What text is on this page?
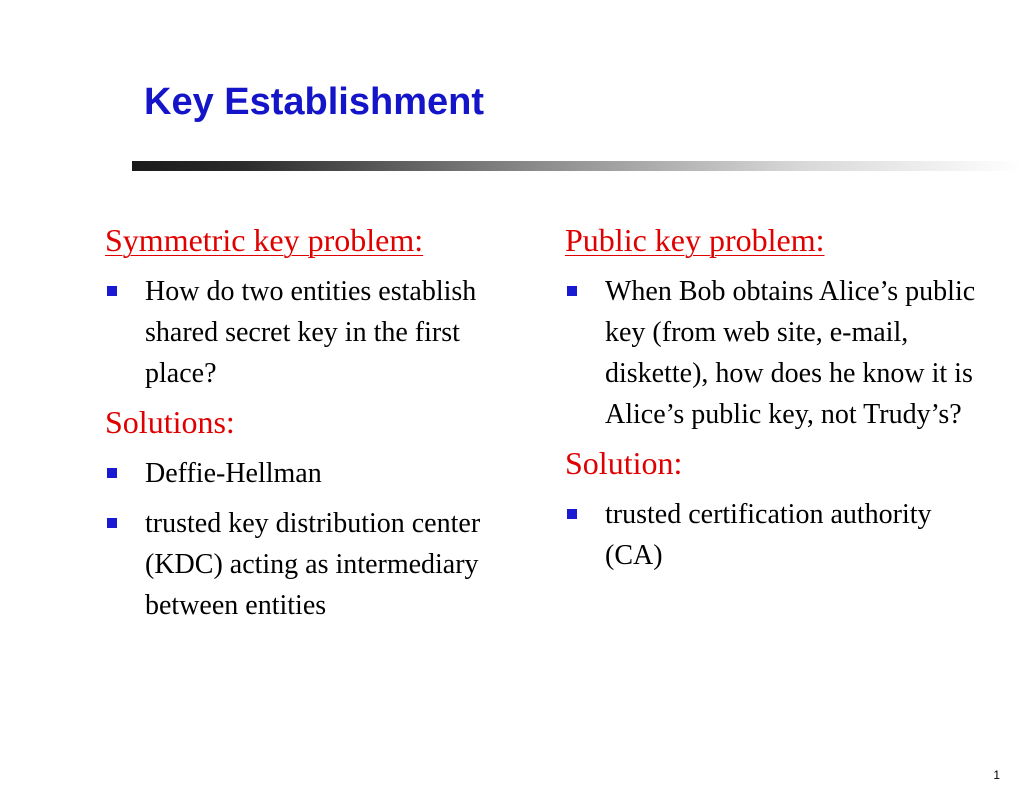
Key Establishment
Symmetric key problem:
How do two entities establish shared secret key in the first place?
Solutions:
Deffie-Hellman
trusted key distribution center (KDC) acting as intermediary between entities
Public key problem:
When Bob obtains Alice’s public key (from web site, e-mail, diskette), how does he know it is Alice’s public key, not Trudy’s?
Solution:
trusted certification authority (CA)
1
